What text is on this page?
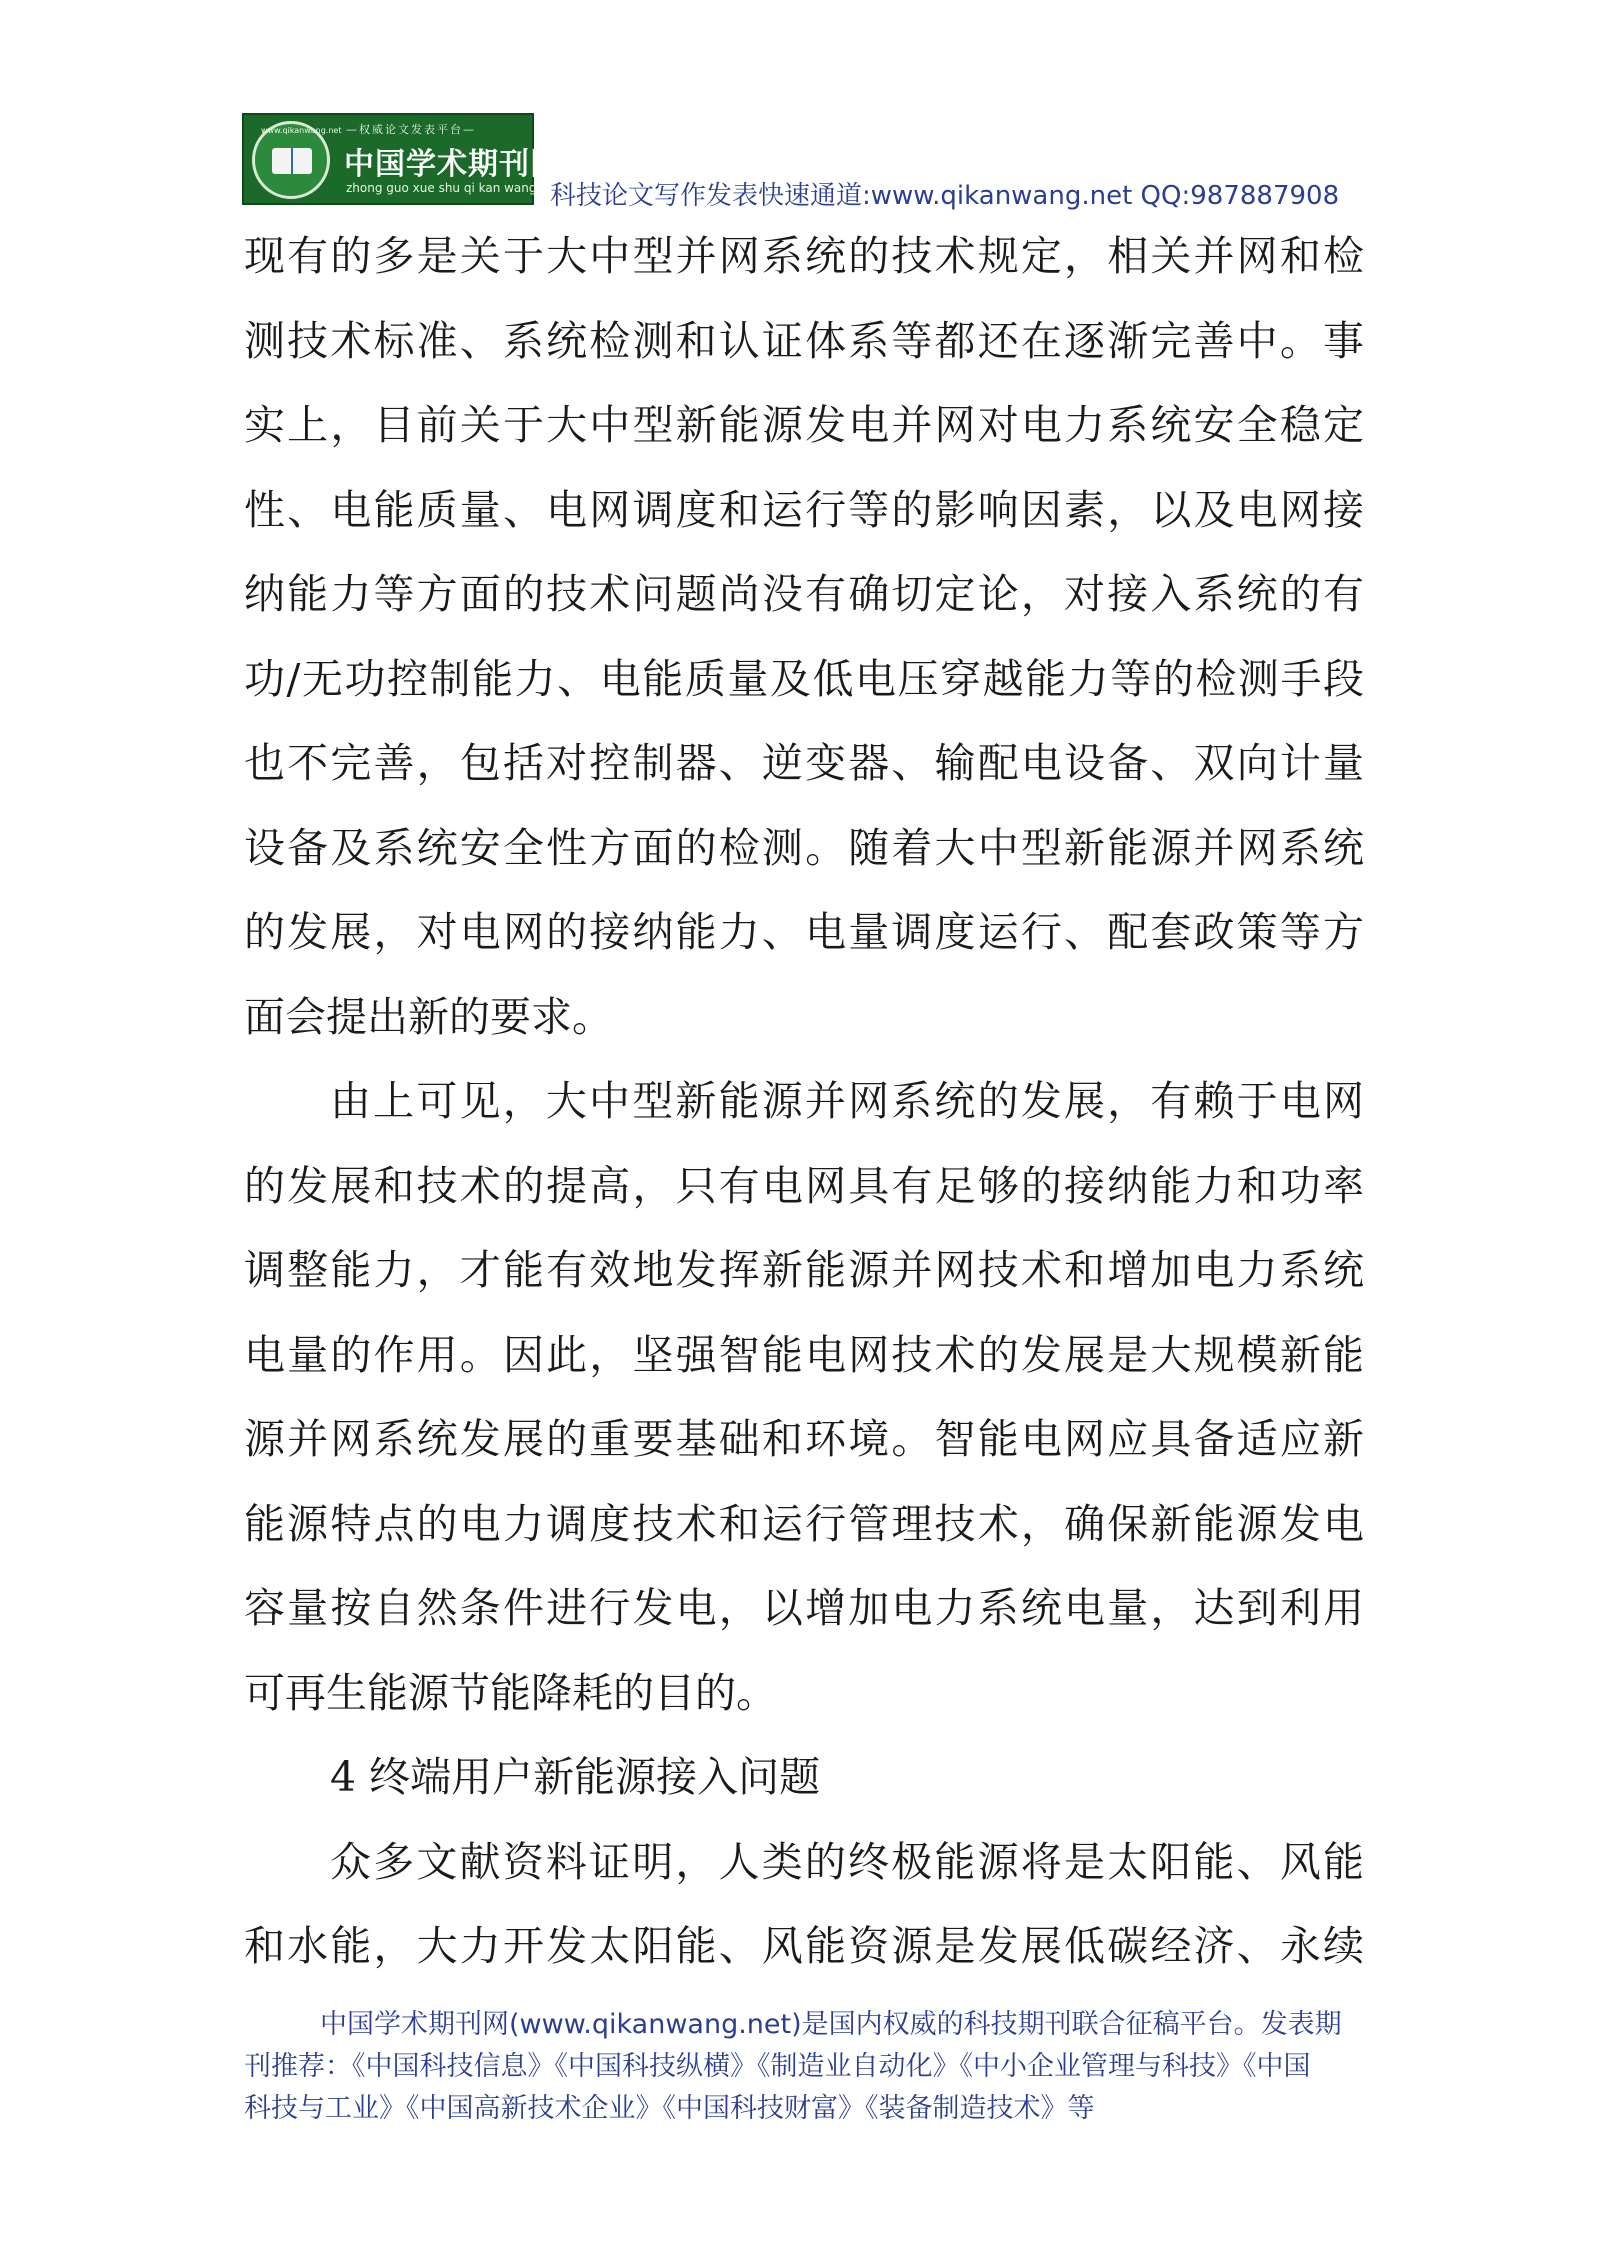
www.qikanwang.net —权威论文发表平台—
中国学术期刊网
zhong guo xue shu qi kan wang 科技论文写作发表快速通道:www.qikanwang.net QQ:987887908
现有的多是关于大中型并网系统的技术规定，相关并网和检
测技术标准、系统检测和认证体系等都还在逐渐完善中。事
实上，目前关于大中型新能源发电并网对电力系统安全稳定
性、电能质量、电网调度和运行等的影响因素，以及电网接
纳能力等方面的技术问题尚没有确切定论，对接入系统的有
功/无功控制能力、电能质量及低电压穿越能力等的检测手段
也不完善，包括对控制器、逆变器、输配电设备、双向计量
设备及系统安全性方面的检测。随着大中型新能源并网系统
的发展，对电网的接纳能力、电量调度运行、配套政策等方
面会提出新的要求。
由上可见，大中型新能源并网系统的发展，有赖于电网
的发展和技术的提高，只有电网具有足够的接纳能力和功率
调整能力，才能有效地发挥新能源并网技术和增加电力系统
电量的作用。因此，坚强智能电网技术的发展是大规模新能
源并网系统发展的重要基础和环境。智能电网应具备适应新
能源特点的电力调度技术和运行管理技术，确保新能源发电
容量按自然条件进行发电，以增加电力系统电量，达到利用
可再生能源节能降耗的目的。
4 终端用户新能源接入问题
众多文献资料证明，人类的终极能源将是太阳能、风能
和水能，大力开发太阳能、风能资源是发展低碳经济、永续
中国学术期刊网(www.qikanwang.net)是国内权威的科技期刊联合征稿平台。发表期
刊推荐：《中国科技信息》《中国科技纵横》《制造业自动化》《中小企业管理与科技》《中国
科技与工业》《中国高新技术企业》《中国科技财富》《装备制造技术》等
